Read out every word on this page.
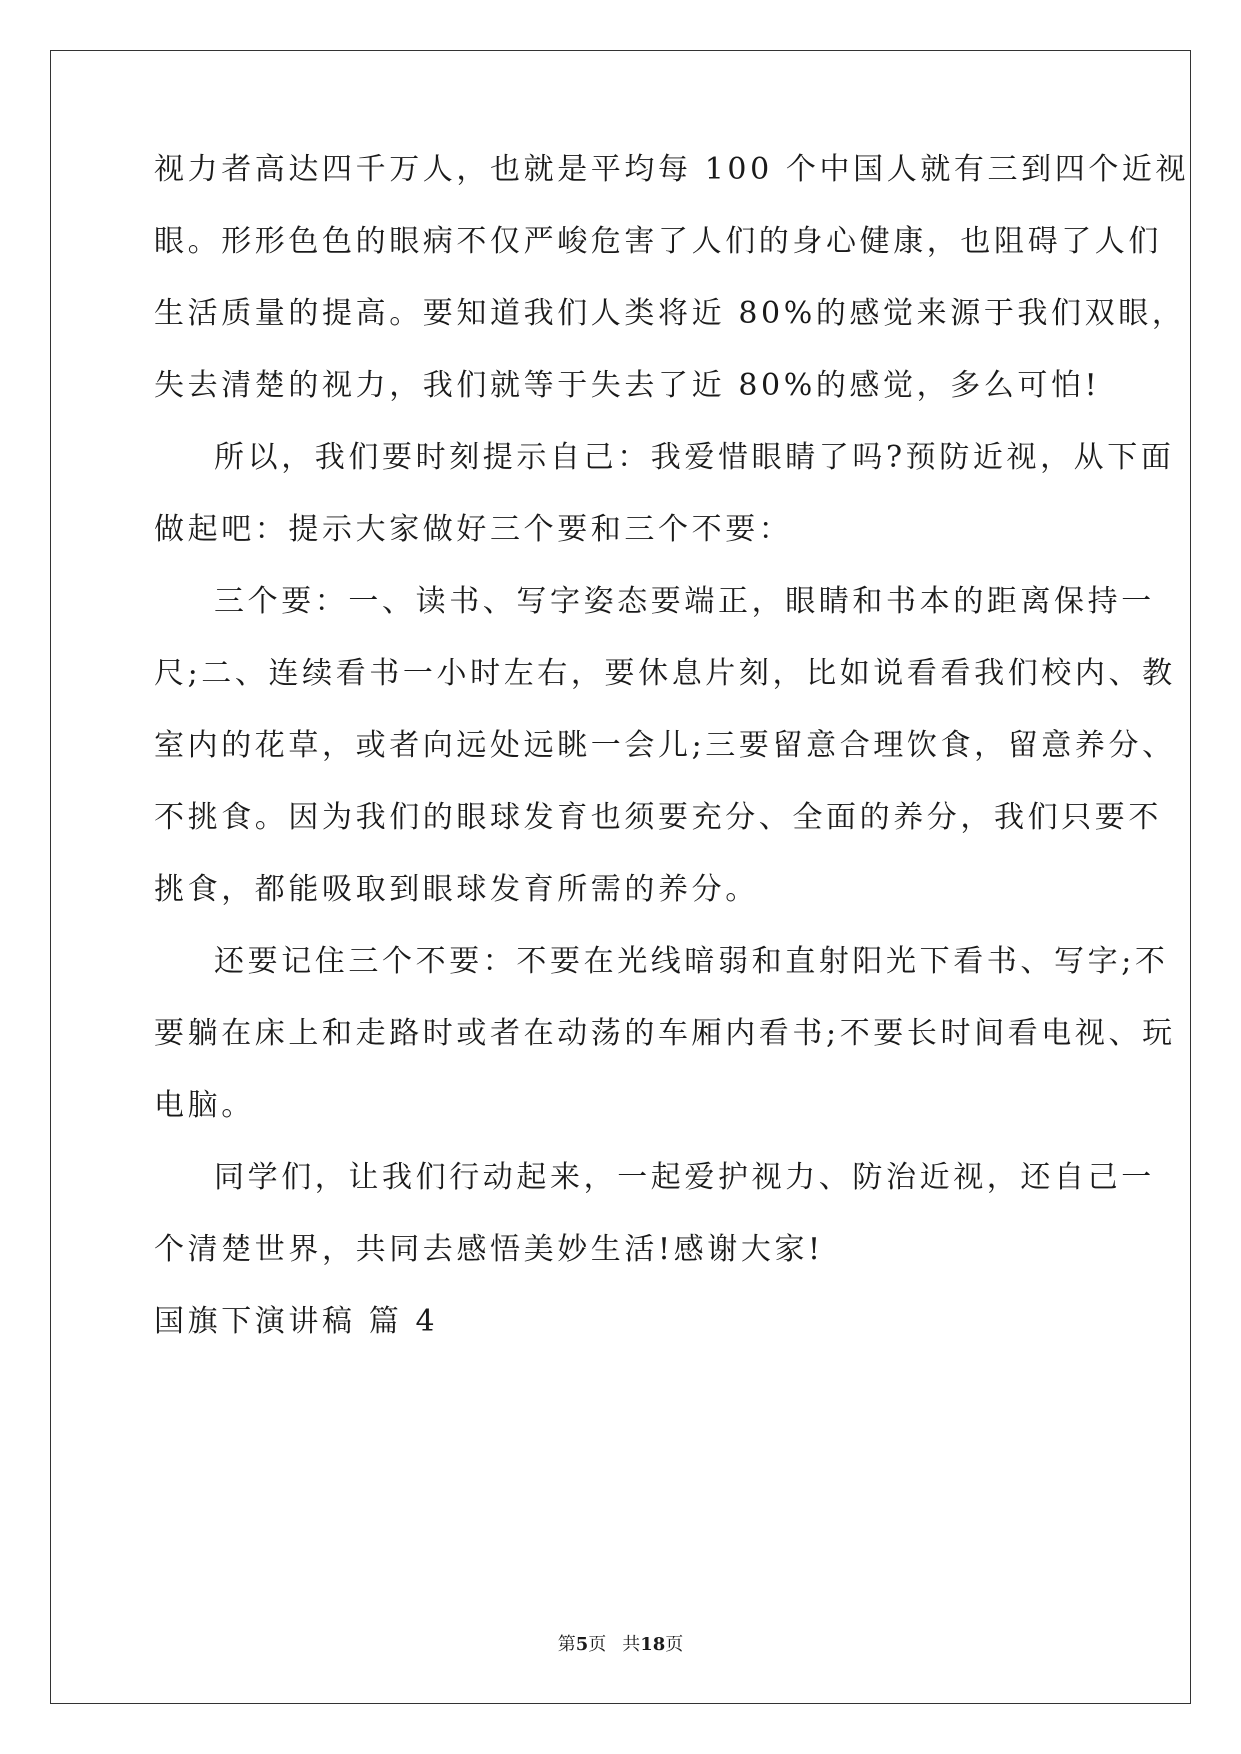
视力者高达四千万人，也就是平均每 100 个中国人就有三到四个近视
眼。形形色色的眼病不仅严峻危害了人们的身心健康，也阻碍了人们
生活质量的提高。要知道我们人类将近 80%的感觉来源于我们双眼，
失去清楚的视力，我们就等于失去了近 80%的感觉，多么可怕!
所以，我们要时刻提示自己：我爱惜眼睛了吗?预防近视，从下面
做起吧：提示大家做好三个要和三个不要：
三个要：一、读书、写字姿态要端正，眼睛和书本的距离保持一
尺;二、连续看书一小时左右，要休息片刻，比如说看看我们校内、教
室内的花草，或者向远处远眺一会儿;三要留意合理饮食，留意养分、
不挑食。因为我们的眼球发育也须要充分、全面的养分，我们只要不
挑食，都能吸取到眼球发育所需的养分。
还要记住三个不要：不要在光线暗弱和直射阳光下看书、写字;不
要躺在床上和走路时或者在动荡的车厢内看书;不要长时间看电视、玩
电脑。
同学们，让我们行动起来，一起爱护视力、防治近视，还自己一
个清楚世界，共同去感悟美妙生活!感谢大家!
国旗下演讲稿 篇 4
第5页 共18页
